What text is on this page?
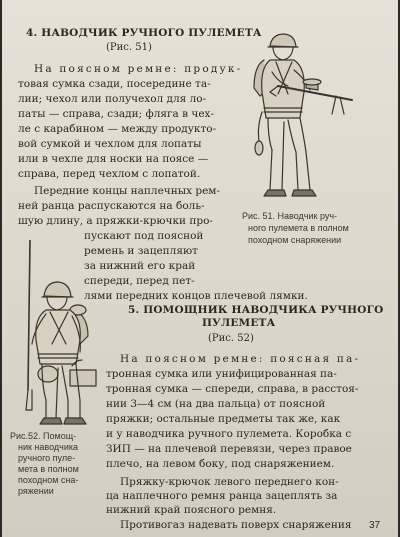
4. НАВОДЧИК РУЧНОГО ПУЛЕМЕТА
(Рис. 51)
На поясном ремне: продук-
товая сумка сзади, посередине та-
лии; чехол или получехол для ло-
паты — справа, сзади; фляга в чех-
ле с карабином — между продукто-
вой сумкой и чехлом для лопаты
или в чехле для носки на поясе —
справа, перед чехлом с лопатой.
Передние концы наплечных рем-
ней ранца распускаются на боль-
шую длину, а пряжки-крючки про-
пускают под поясной
ремень и зацепляют
за нижний его край
спереди, перед пет-
лями передних концов плечевой лямки.
Рис. 51. Наводчик руч-
ного пулемета в полном
походном снаряжении
5. ПОМОЩНИК НАВОДЧИКА РУЧНОГО
ПУЛЕМЕТА
(Рис. 52)
На поясном ремне: поясная па-
тронная сумка или унифицированная па-
тронная сумка — спереди, справа, в расстоя-
нии 3—4 см (на два пальца) от поясной
пряжки; остальные предметы так же, как
и у наводчика ручного пулемета. Коробка с
ЗИП — на плечевой перевязи, через правое
плечо, на левом боку, под снаряжением.
Пряжку-крючок левого переднего кон-
ца наплечного ремня ранца зацеплять за
нижний край поясного ремня.
Противогаз надевать поверх снаряжения
Рис.52. Помощ-
ник наводчика
ручного пуле-
мета в полном
походном сна-
ряжении
37
